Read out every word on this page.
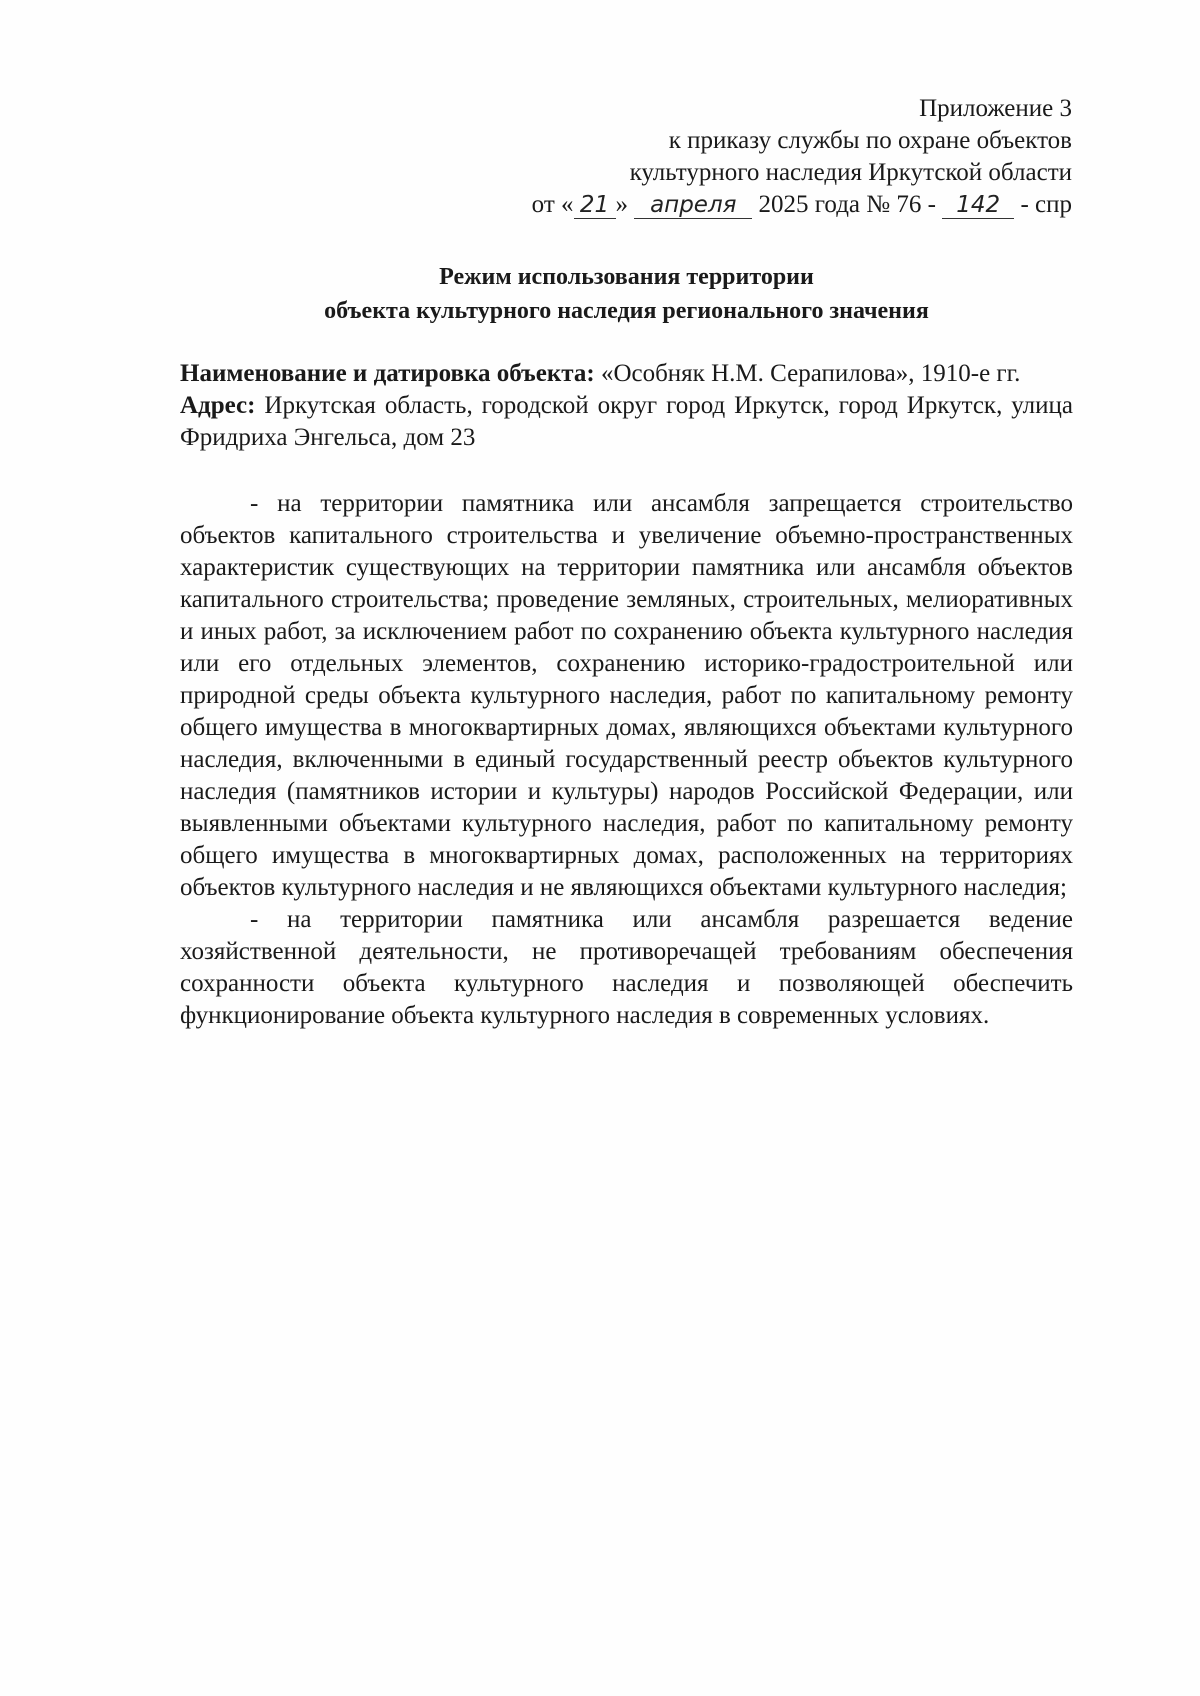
Приложение 3
к приказу службы по охране объектов
культурного наследия Иркутской области
от « 21 » апреля 2025 года № 76 - 142 - спр
Режим использования территории
объекта культурного наследия регионального значения

Наименование и датировка объекта: «Особняк Н.М. Серапилова», 1910-е гг.

Адрес: Иркутская область, городской округ город Иркутск, город Иркутск, улица Фридриха Энгельса, дом 23

- на территории памятника или ансамбля запрещается строительство объектов капитального строительства и увеличение объемно-пространственных характеристик существующих на территории памятника или ансамбля объектов капитального строительства; проведение земляных, строительных, мелиоративных и иных работ, за исключением работ по сохранению объекта культурного наследия или его отдельных элементов, сохранению историко-градостроительной или природной среды объекта культурного наследия, работ по капитальному ремонту общего имущества в многоквартирных домах, являющихся объектами культурного наследия, включенными в единый государственный реестр объектов культурного наследия (памятников истории и культуры) народов Российской Федерации, или выявленными объектами культурного наследия, работ по капитальному ремонту общего имущества в многоквартирных домах, расположенных на территориях объектов культурного наследия и не являющихся объектами культурного наследия;

- на территории памятника или ансамбля разрешается ведение хозяйственной деятельности, не противоречащей требованиям обеспечения сохранности объекта культурного наследия и позволяющей обеспечить функционирование объекта культурного наследия в современных условиях.
